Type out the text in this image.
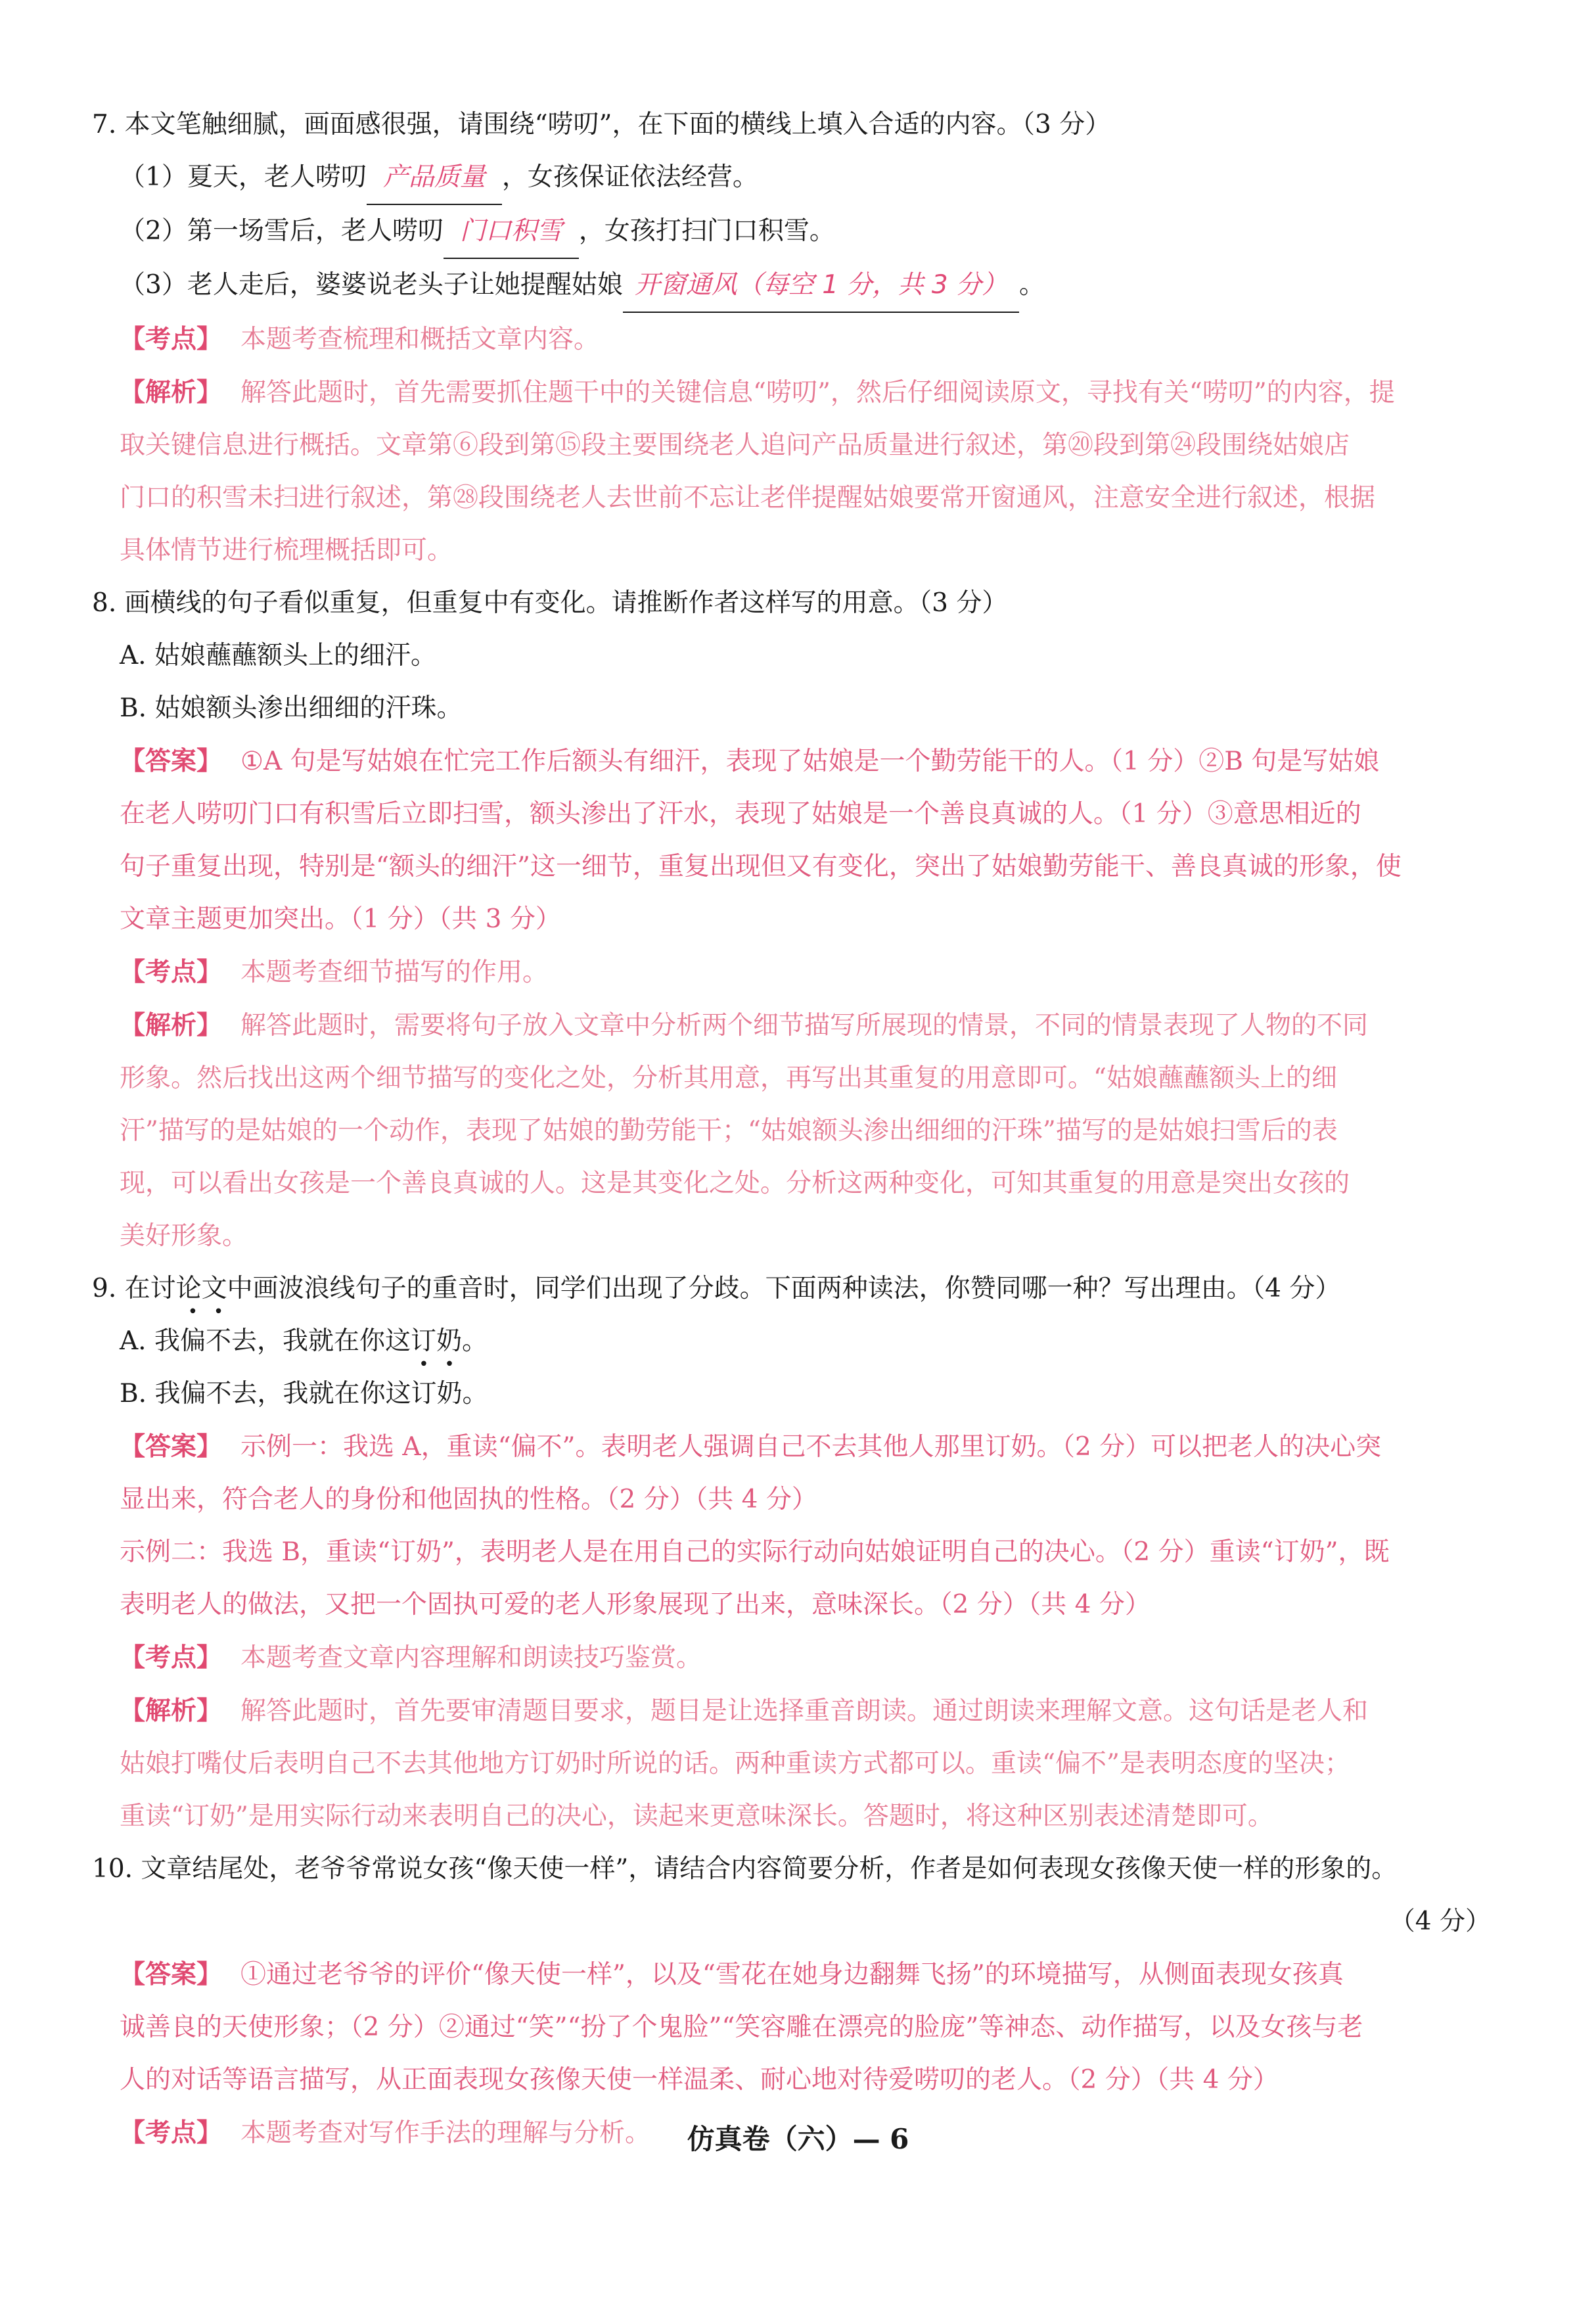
7. 本文笔触细腻，画面感很强，请围绕“唠叨”，在下面的横线上填入合适的内容。（3 分）
（1）夏天，老人唠叨 产品质量 ，女孩保证依法经营。
（2）第一场雪后，老人唠叨 门口积雪 ，女孩打扫门口积雪。
（3）老人走后，婆婆说老头子让她提醒姑娘 开窗通风（每空 1 分，共 3 分） 。
【考点】 本题考查梳理和概括文章内容。
【解析】 解答此题时，首先需要抓住题干中的关键信息“唠叨”，然后仔细阅读原文，寻找有关“唠叨”的内容，提
取关键信息进行概括。文章第⑥段到第⑮段主要围绕老人追问产品质量进行叙述，第⑳段到第㉔段围绕姑娘店
门口的积雪未扫进行叙述，第㉘段围绕老人去世前不忘让老伴提醒姑娘要常开窗通风，注意安全进行叙述，根据
具体情节进行梳理概括即可。
8. 画横线的句子看似重复，但重复中有变化。请推断作者这样写的用意。（3 分）
A. 姑娘蘸蘸额头上的细汗。
B. 姑娘额头渗出细细的汗珠。
【答案】 ①A 句是写姑娘在忙完工作后额头有细汗，表现了姑娘是一个勤劳能干的人。（1 分）②B 句是写姑娘
在老人唠叨门口有积雪后立即扫雪，额头渗出了汗水，表现了姑娘是一个善良真诚的人。（1 分）③意思相近的
句子重复出现，特别是“额头的细汗”这一细节，重复出现但又有变化，突出了姑娘勤劳能干、善良真诚的形象，使
文章主题更加突出。（1 分）（共 3 分）
【考点】 本题考查细节描写的作用。
【解析】 解答此题时，需要将句子放入文章中分析两个细节描写所展现的情景，不同的情景表现了人物的不同
形象。然后找出这两个细节描写的变化之处，分析其用意，再写出其重复的用意即可。“姑娘蘸蘸额头上的细
汗”描写的是姑娘的一个动作，表现了姑娘的勤劳能干；“姑娘额头渗出细细的汗珠”描写的是姑娘扫雪后的表
现，可以看出女孩是一个善良真诚的人。这是其变化之处。分析这两种变化，可知其重复的用意是突出女孩的
美好形象。
9. 在讨论文中画波浪线句子的重音时，同学们出现了分歧。下面两种读法，你赞同哪一种？写出理由。（4 分）
A. 我偏不去，我就在你这订奶。
B. 我偏不去，我就在你这订奶。
【答案】 示例一：我选 A，重读“偏不”。表明老人强调自己不去其他人那里订奶。（2 分）可以把老人的决心突
显出来，符合老人的身份和他固执的性格。（2 分）（共 4 分）
示例二：我选 B，重读“订奶”，表明老人是在用自己的实际行动向姑娘证明自己的决心。（2 分）重读“订奶”，既
表明老人的做法，又把一个固执可爱的老人形象展现了出来，意味深长。（2 分）（共 4 分）
【考点】 本题考查文章内容理解和朗读技巧鉴赏。
【解析】 解答此题时，首先要审清题目要求，题目是让选择重音朗读。通过朗读来理解文意。这句话是老人和
姑娘打嘴仗后表明自己不去其他地方订奶时所说的话。两种重读方式都可以。重读“偏不”是表明态度的坚决；
重读“订奶”是用实际行动来表明自己的决心，读起来更意味深长。答题时，将这种区别表述清楚即可。
10. 文章结尾处，老爷爷常说女孩“像天使一样”，请结合内容简要分析，作者是如何表现女孩像天使一样的形象的。
（4 分）
【答案】 ①通过老爷爷的评价“像天使一样”，以及“雪花在她身边翻舞飞扬”的环境描写，从侧面表现女孩真
诚善良的天使形象；（2 分）②通过“笑”“扮了个鬼脸”“笑容雕在漂亮的脸庞”等神态、动作描写，以及女孩与老
人的对话等语言描写，从正面表现女孩像天使一样温柔、耐心地对待爱唠叨的老人。（2 分）（共 4 分）
【考点】 本题考查对写作手法的理解与分析。	仿真卷（六）— 6
